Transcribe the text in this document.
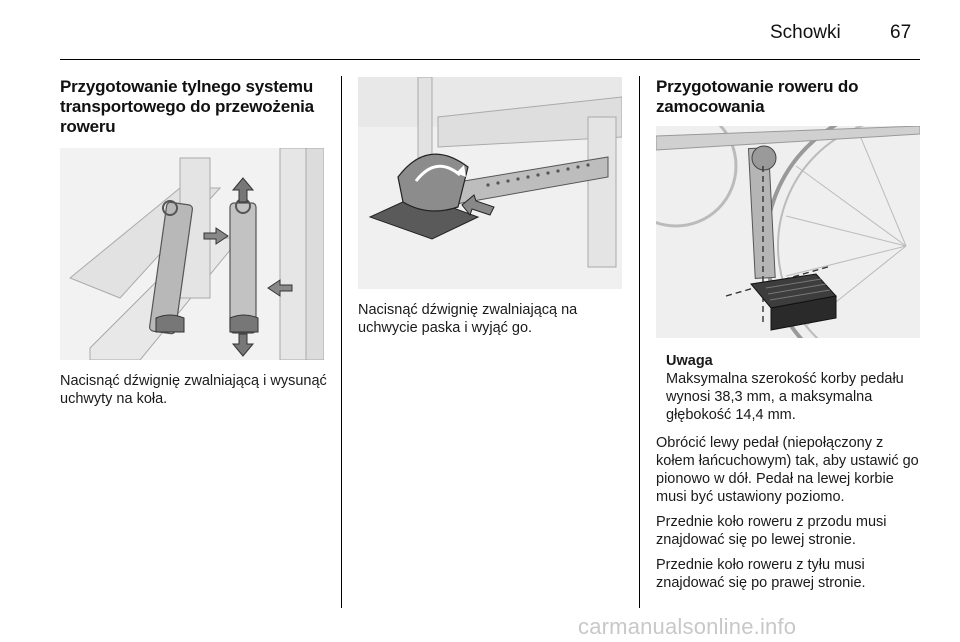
Schowki	67
Przygotowanie tylnego systemu transportowego do przewożenia roweru

Nacisnąć dźwignię zwalniającą i wysunąć uchwyty na koła.

Nacisnąć dźwignię zwalniającą na uchwycie paska i wyjąć go.

Przygotowanie roweru do zamocowania
Uwaga
Maksymalna szerokość korby pedału wynosi 38,3 mm, a maksymalna głębokość 14,4 mm.

Obrócić lewy pedał (niepołączony z kołem łańcuchowym) tak, aby ustawić go pionowo w dół. Pedał na lewej korbie musi być ustawiony poziomo.

Przednie koło roweru z przodu musi znajdować się po lewej stronie.

Przednie koło roweru z tyłu musi znajdować się po prawej stronie.

carmanualsonline.info
